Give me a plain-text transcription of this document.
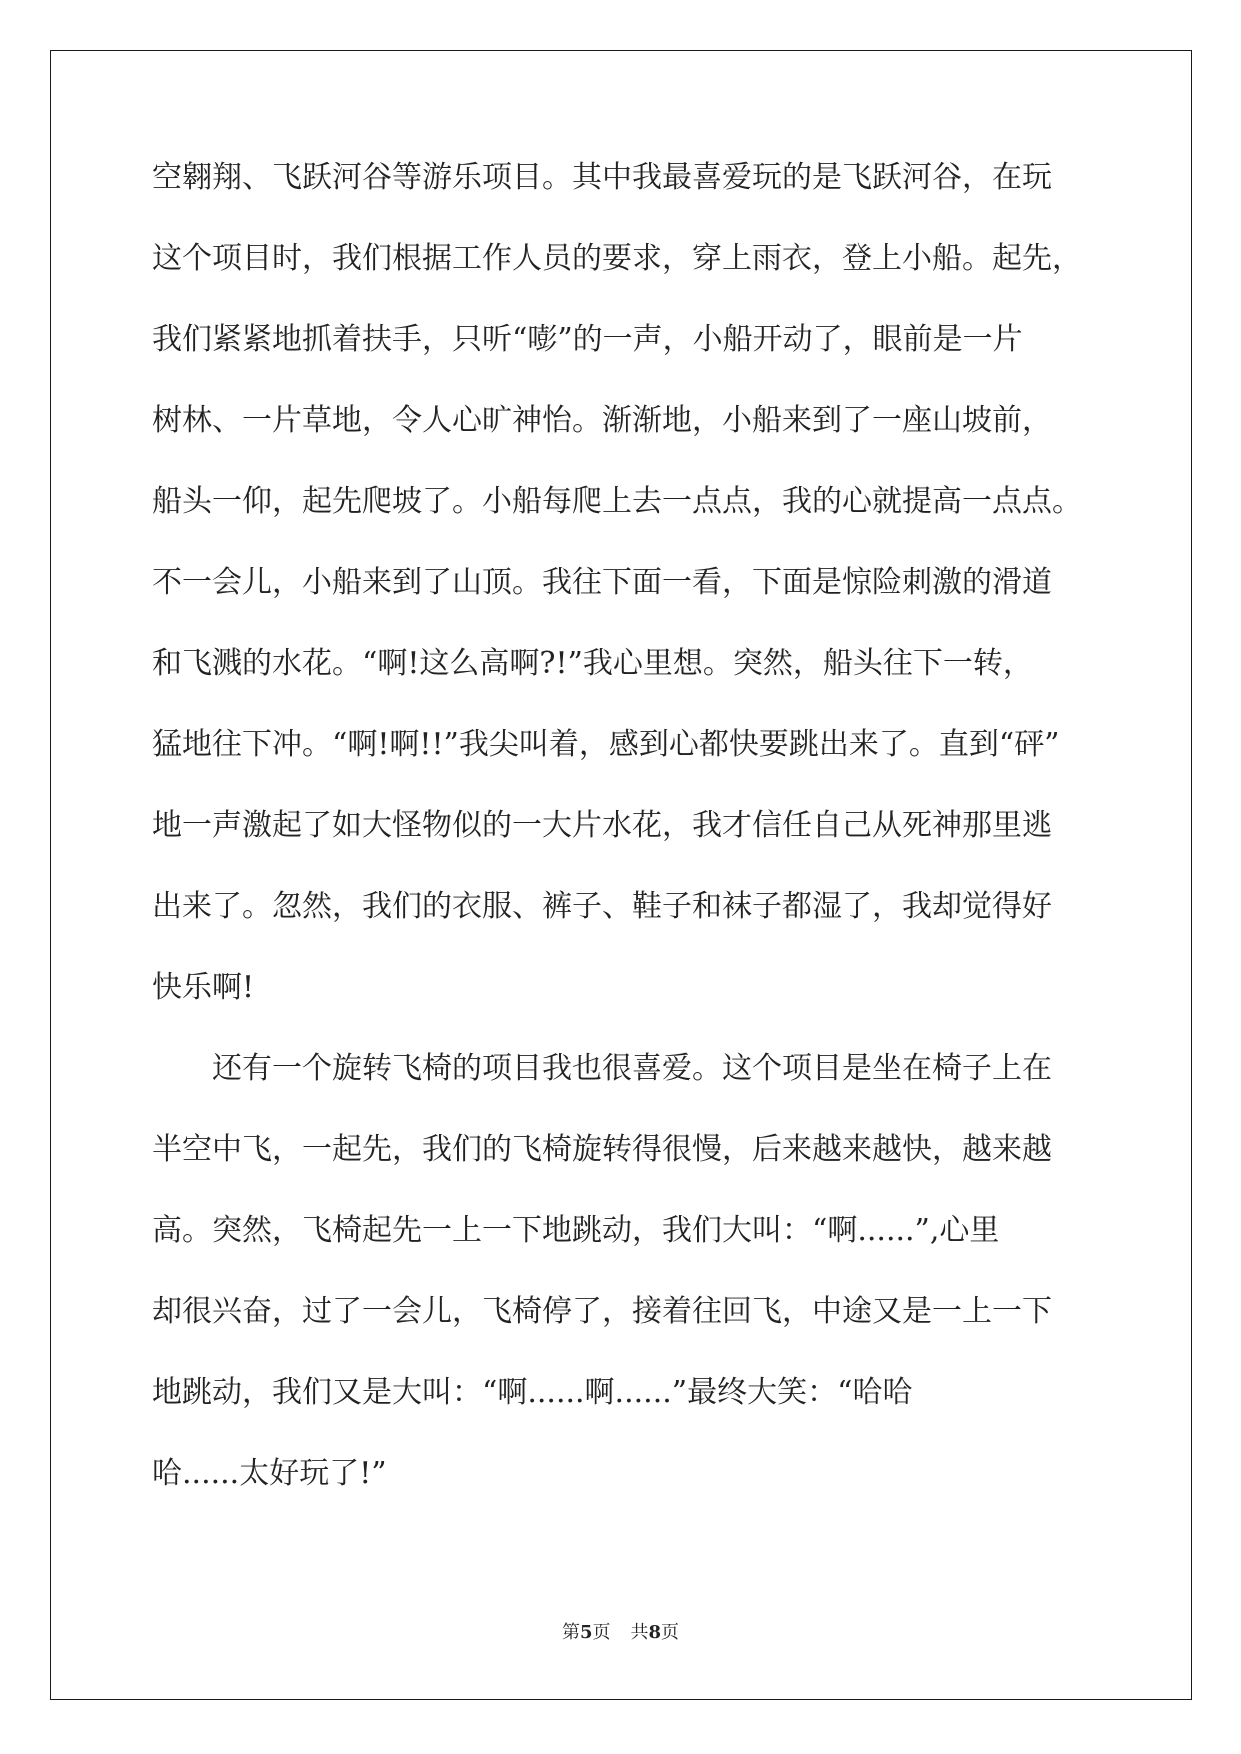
空翱翔、飞跃河谷等游乐项目。其中我最喜爱玩的是飞跃河谷，在玩
这个项目时，我们根据工作人员的要求，穿上雨衣，登上小船。起先，
我们紧紧地抓着扶手，只听“嘭”的一声，小船开动了，眼前是一片
树林、一片草地，令人心旷神怡。渐渐地，小船来到了一座山坡前，
船头一仰，起先爬坡了。小船每爬上去一点点，我的心就提高一点点。
不一会儿，小船来到了山顶。我往下面一看，下面是惊险刺激的滑道
和飞溅的水花。“啊!这么高啊?!”我心里想。突然，船头往下一转，
猛地往下冲。“啊!啊!!”我尖叫着，感到心都快要跳出来了。直到“砰”
地一声激起了如大怪物似的一大片水花，我才信任自己从死神那里逃
出来了。忽然，我们的衣服、裤子、鞋子和袜子都湿了，我却觉得好
快乐啊!
　　还有一个旋转飞椅的项目我也很喜爱。这个项目是坐在椅子上在
半空中飞，一起先，我们的飞椅旋转得很慢，后来越来越快，越来越
高。突然，飞椅起先一上一下地跳动，我们大叫：“啊......”,心里
却很兴奋，过了一会儿，飞椅停了，接着往回飞，中途又是一上一下
地跳动，我们又是大叫：“啊......啊......”最终大笑：“哈哈
哈......太好玩了!”
第5页 共8页
